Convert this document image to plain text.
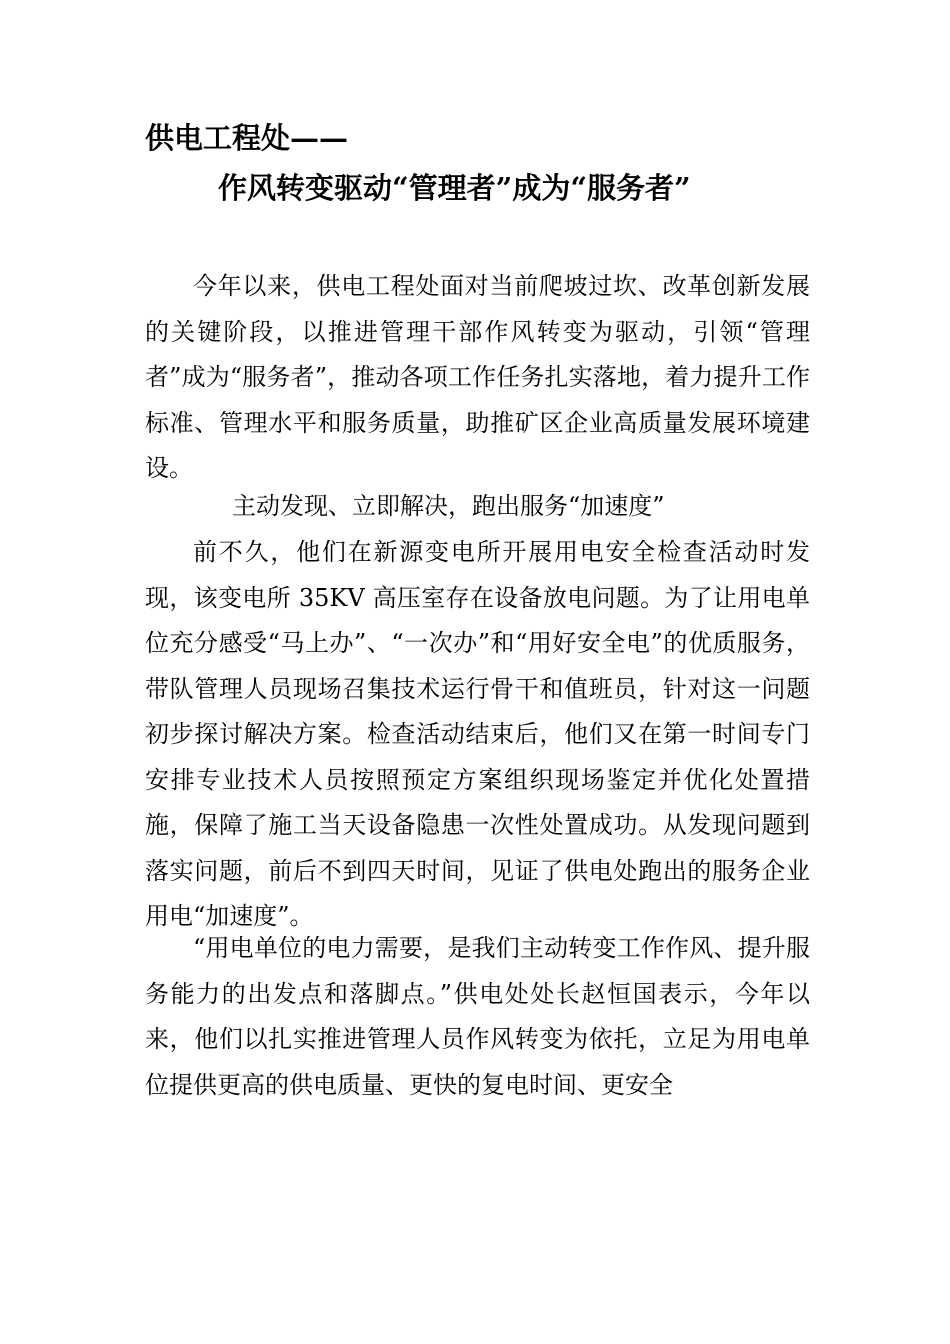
供电工程处——
作风转变驱动“管理者”成为“服务者”

今年以来，供电工程处面对当前爬坡过坎、改革创新发展的关键阶段，以推进管理干部作风转变为驱动，引领“管理者”成为“服务者”，推动各项工作任务扎实落地，着力提升工作标准、管理水平和服务质量，助推矿区企业高质量发展环境建设。

主动发现、立即解决，跑出服务“加速度”

前不久，他们在新源变电所开展用电安全检查活动时发现，该变电所 35KV 高压室存在设备放电问题。为了让用电单位充分感受“马上办”、“一次办”和“用好安全电”的优质服务，带队管理人员现场召集技术运行骨干和值班员，针对这一问题初步探讨解决方案。检查活动结束后，他们又在第一时间专门安排专业技术人员按照预定方案组织现场鉴定并优化处置措施，保障了施工当天设备隐患一次性处置成功。从发现问题到落实问题，前后不到四天时间，见证了供电处跑出的服务企业用电“加速度”。

“用电单位的电力需要，是我们主动转变工作作风、提升服务能力的出发点和落脚点。”供电处处长赵恒国表示，今年以来，他们以扎实推进管理人员作风转变为依托，立足为用电单位提供更高的供电质量、更快的复电时间、更安全
